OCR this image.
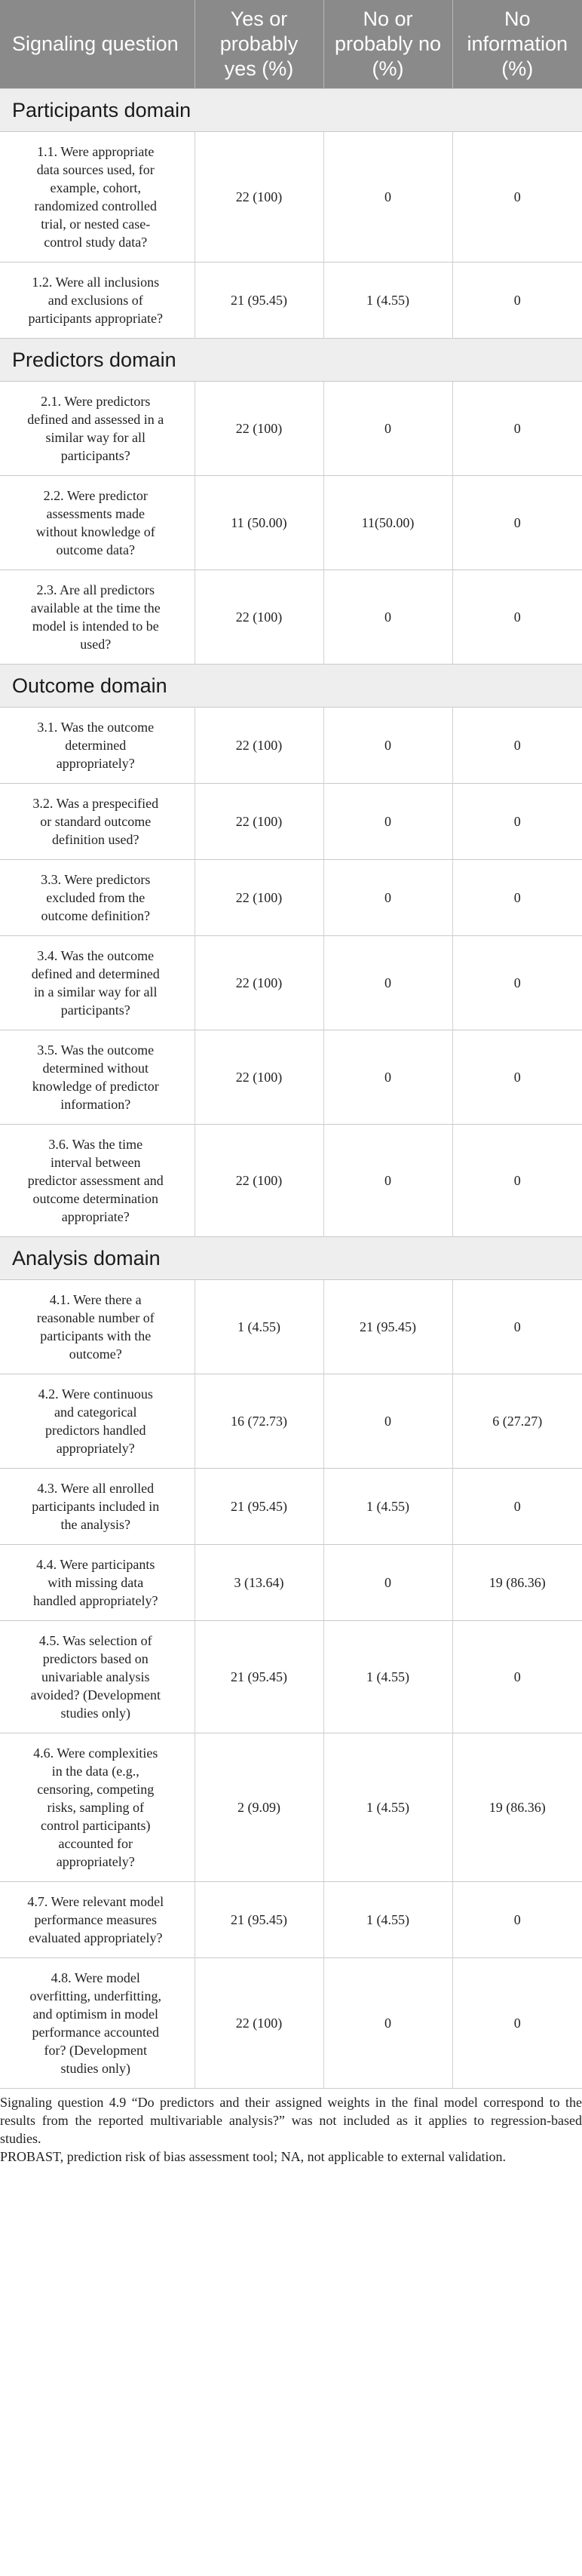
Signaling question	Yes or probably yes (%)	No or probably no (%)	No information (%)
Participants domain			
1.1. Were appropriate data sources used, for example, cohort, randomized controlled trial, or nested case-control study data?	22 (100)	0	0
1.2. Were all inclusions and exclusions of participants appropriate?	21 (95.45)	1 (4.55)	0
Predictors domain			
2.1. Were predictors defined and assessed in a similar way for all participants?	22 (100)	0	0
2.2. Were predictor assessments made without knowledge of outcome data?	11 (50.00)	11(50.00)	0
2.3. Are all predictors available at the time the model is intended to be used?	22 (100)	0	0
Outcome domain			
3.1. Was the outcome determined appropriately?	22 (100)	0	0
3.2. Was a prespecified or standard outcome definition used?	22 (100)	0	0
3.3. Were predictors excluded from the outcome definition?	22 (100)	0	0
3.4. Was the outcome defined and determined in a similar way for all participants?	22 (100)	0	0
3.5. Was the outcome determined without knowledge of predictor information?	22 (100)	0	0
3.6. Was the time interval between predictor assessment and outcome determination appropriate?	22 (100)	0	0
Analysis domain			
4.1. Were there a reasonable number of participants with the outcome?	1 (4.55)	21 (95.45)	0
4.2. Were continuous and categorical predictors handled appropriately?	16 (72.73)	0	6 (27.27)
4.3. Were all enrolled participants included in the analysis?	21 (95.45)	1 (4.55)	0
4.4. Were participants with missing data handled appropriately?	3 (13.64)	0	19 (86.36)
4.5. Was selection of predictors based on univariable analysis avoided? (Development studies only)	21 (95.45)	1 (4.55)	0
4.6. Were complexities in the data (e.g., censoring, competing risks, sampling of control participants) accounted for appropriately?	2 (9.09)	1 (4.55)	19 (86.36)
4.7. Were relevant model performance measures evaluated appropriately?	21 (95.45)	1 (4.55)	0
4.8. Were model overfitting, underfitting, and optimism in model performance accounted for? (Development studies only)	22 (100)	0	0

Signaling question 4.9 “Do predictors and their assigned weights in the final model correspond to the results from the reported multivariable analysis?” was not included as it applies to regression-based studies.

PROBAST, prediction risk of bias assessment tool; NA, not applicable to external validation.
